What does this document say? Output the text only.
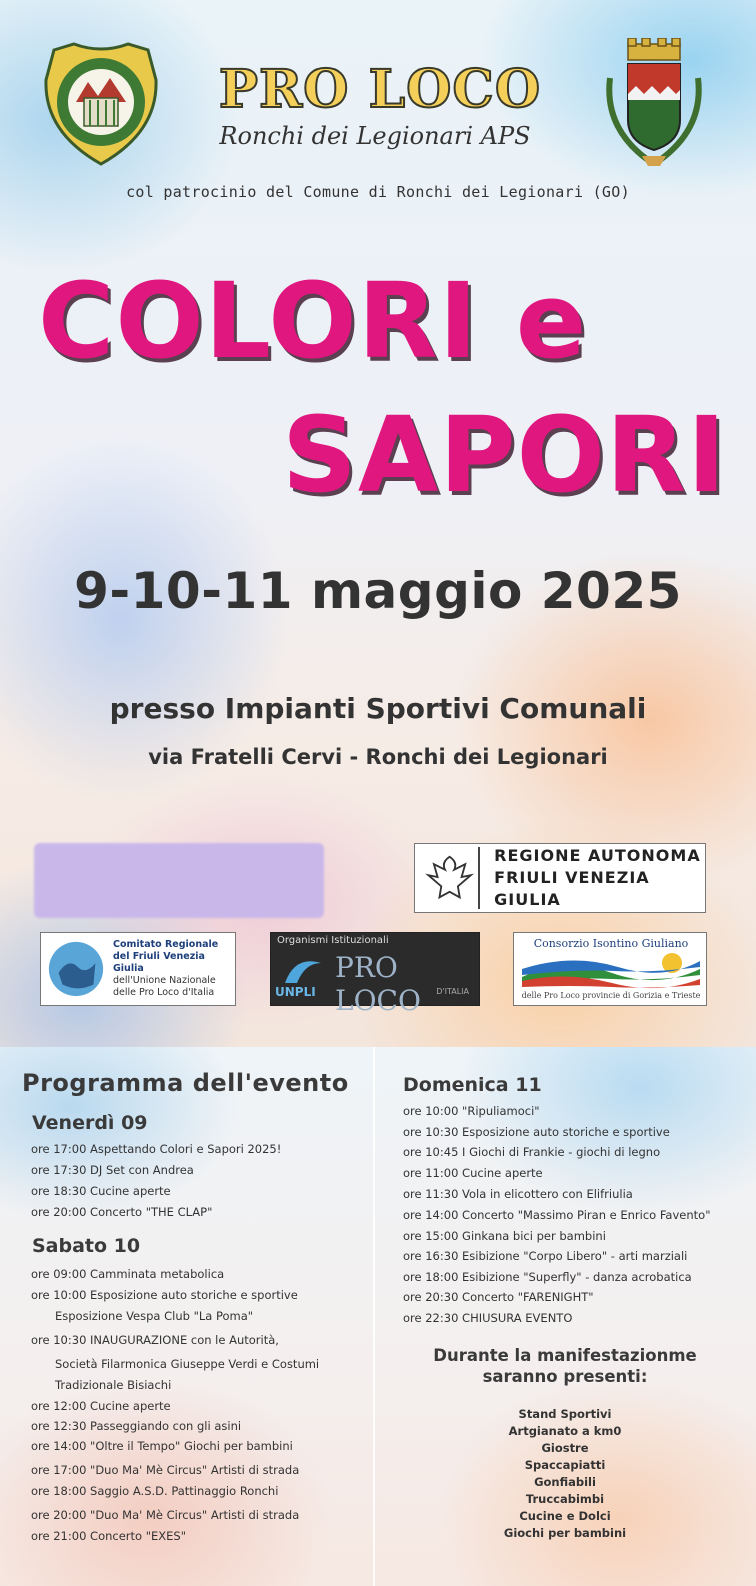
PRO LOCO
Ronchi dei Legionari APS
col patrocinio del Comune di Ronchi dei Legionari (GO)
COLORI e
SAPORI
9-10-11 maggio 2025
presso Impianti Sportivi Comunali
via Fratelli Cervi - Ronchi dei Legionari
REGIONE AUTONOMA
FRIULI VENEZIA GIULIA
Comitato Regionale
del Friuli Venezia Giulia
dell'Unione Nazionale
delle Pro Loco d'Italia
Organismi Istituzionali
UNPLI
PRO LOCO	D'ITALIA
Consorzio Isontino Giuliano
delle Pro Loco provincie di Gorizia e Trieste
Programma dell'evento
Venerdì 09
ore 17:00 Aspettando Colori e Sapori 2025!
ore 17:30 DJ Set con Andrea
ore 18:30 Cucine aperte
ore 20:00 Concerto "THE CLAP"
Sabato 10
ore 09:00 Camminata metabolica
ore 10:00 Esposizione auto storiche e sportive
Esposizione Vespa Club "La Poma"
ore 10:30 INAUGURAZIONE con le Autorità,
Società Filarmonica Giuseppe Verdi e Costumi
Tradizionale Bisiachi
ore 12:00 Cucine aperte
ore 12:30 Passeggiando con gli asini
ore 14:00 "Oltre il Tempo" Giochi per bambini
ore 17:00 "Duo Ma' Mè Circus" Artisti di strada
ore 18:00 Saggio A.S.D. Pattinaggio Ronchi
ore 20:00 "Duo Ma' Mè Circus" Artisti di strada
ore 21:00 Concerto "EXES"
Domenica 11
ore 10:00 "Ripuliamoci"
ore 10:30 Esposizione auto storiche e sportive
ore 10:45 I Giochi di Frankie - giochi di legno
ore 11:00 Cucine aperte
ore 11:30 Vola in elicottero con Elifriulia
ore 14:00 Concerto "Massimo Piran e Enrico Favento"
ore 15:00 Ginkana bici per bambini
ore 16:30 Esibizione "Corpo Libero" - arti marziali
ore 18:00 Esibizione "Superfly" - danza acrobatica
ore 20:30 Concerto "FARENIGHT"
ore 22:30 CHIUSURA EVENTO
Durante la manifestazionme
saranno presenti:
Stand Sportivi
Artgianato a km0
Giostre
Spaccapiatti
Gonfiabili
Truccabimbi
Cucine e Dolci
Giochi per bambini
